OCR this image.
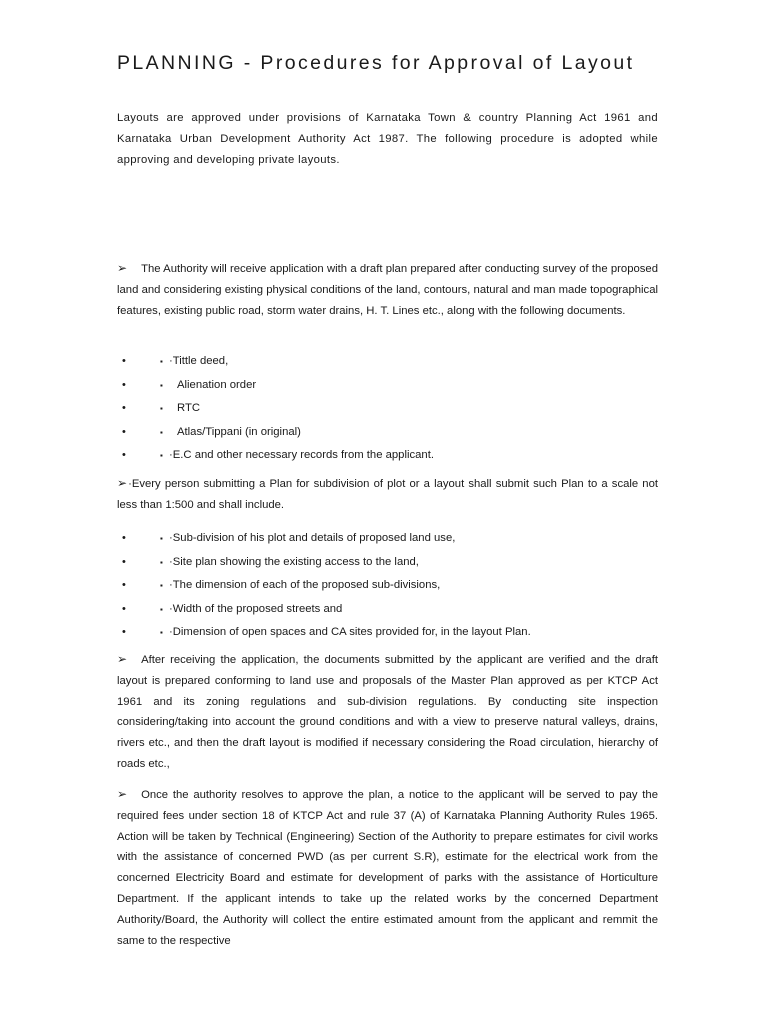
PLANNING - Procedures for Approval of Layout

Layouts are approved under provisions of Karnataka Town & country Planning Act 1961 and Karnataka Urban Development Authority Act 1987. The following procedure is adopted while approving and developing private layouts.

➢ The Authority will receive application with a draft plan prepared after conducting survey of the proposed land and considering existing physical conditions of the land, contours, natural and man made topographical features, existing public road, storm water drains, H. T. Lines etc., along with the following documents.

•	▪ ·Tittle deed,
•	▪ Alienation order
•	▪ RTC
•	▪ Atlas/Tippani (in original)
•	▪ ·E.C and other necessary records from the applicant.

➢·Every person submitting a Plan for subdivision of plot or a layout shall submit such Plan to a scale not less than 1:500 and shall include.

•	▪ ·Sub-division of his plot and details of proposed land use,
•	▪ ·Site plan showing the existing access to the land,
•	▪ ·The dimension of each of the proposed sub-divisions,
•	▪ ·Width of the proposed streets and
•	▪ ·Dimension of open spaces and CA sites provided for, in the layout Plan.

➢ After receiving the application, the documents submitted by the applicant are verified and the draft layout is prepared conforming to land use and proposals of the Master Plan approved as per KTCP Act 1961 and its zoning regulations and sub-division regulations. By conducting site inspection considering/taking into account the ground conditions and with a view to preserve natural valleys, drains, rivers etc., and then the draft layout is modified if necessary considering the Road circulation, hierarchy of roads etc.,

➢ Once the authority resolves to approve the plan, a notice to the applicant will be served to pay the required fees under section 18 of KTCP Act and rule 37 (A) of Karnataka Planning Authority Rules 1965. Action will be taken by Technical (Engineering) Section of the Authority to prepare estimates for civil works with the assistance of concerned PWD (as per current S.R), estimate for the electrical work from the concerned Electricity Board and estimate for development of parks with the assistance of Horticulture Department. If the applicant intends to take up the related works by the concerned Department Authority/Board, the Authority will collect the entire estimated amount from the applicant and remmit the same to the respective
